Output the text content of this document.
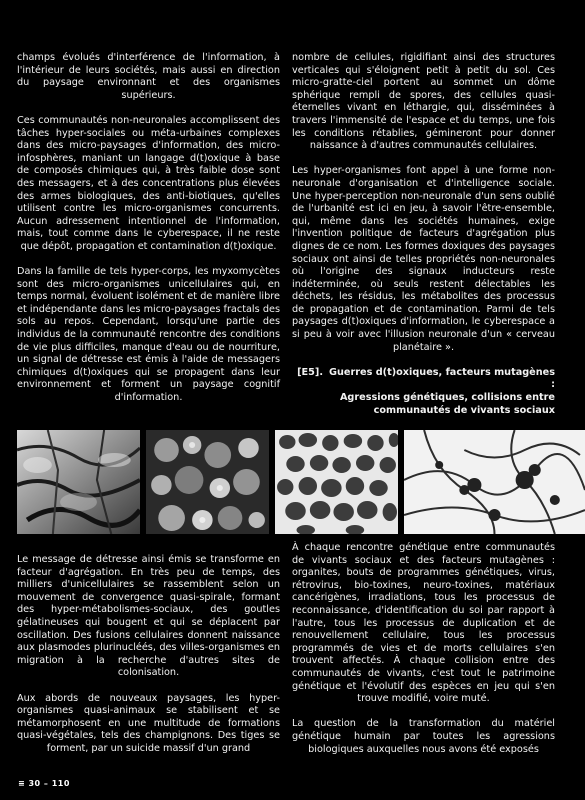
champs évolués d'interférence de l'information, à l'intérieur de leurs sociétés, mais aussi en direction du paysage environnant et des organismes supérieurs.

Ces communautés non-neuronales accomplissent des tâches hyper-sociales ou méta-urbaines complexes dans des micro-paysages d'information, des micro-infosphères, maniant un langage d(t)oxique à base de composés chimiques qui, à très faible dose sont des messagers, et à des concentrations plus élevées des armes biologiques, des anti-biotiques, qu'elles utilisent contre les micro-organismes concurrents. Aucun adressement intentionnel de l'information, mais, tout comme dans le cyberespace, il ne reste que dépôt, propagation et contamination d(t)oxique.

Dans la famille de tels hyper-corps, les myxomycètes sont des micro-organismes unicellulaires qui, en temps normal, évoluent isolément et de manière libre et indépendante dans les micro-paysages fractals des sols au repos. Cependant, lorsqu'une partie des individus de la communauté rencontre des conditions de vie plus difficiles, manque d'eau ou de nourriture, un signal de détresse est émis à l'aide de messagers chimiques d(t)oxiques qui se propagent dans leur environnement et forment un paysage cognitif d'information.

nombre de cellules, rigidifiant ainsi des structures verticales qui s'éloignent petit à petit du sol. Ces micro-gratte-ciel portent au sommet un dôme sphérique rempli de spores, des cellules quasi-éternelles vivant en léthargie, qui, disséminées à travers l'immensité de l'espace et du temps, une fois les conditions rétablies, gémineront pour donner naissance à d'autres communautés cellulaires.

Les hyper-organismes font appel à une forme non-neuronale d'organisation et d'intelligence sociale. Une hyper-perception non-neuronale d'un sens oublié de l'urbanité est ici en jeu, à savoir l'être-ensemble, qui, même dans les sociétés humaines, exige l'invention politique de facteurs d'agrégation plus dignes de ce nom. Les formes doxiques des paysages sociaux ont ainsi de telles propriétés non-neuronales où l'origine des signaux inducteurs reste indéterminée, où seuls restent délectables les déchets, les résidus, les métabolites des processus de propagation et de contamination. Parmi de tels paysages d(t)oxiques d'information, le cyberespace a si peu à voir avec l'illusion neuronale d'un « cerveau planétaire ».

[E5]. Guerres d(t)oxiques, facteurs mutagènes :
Agressions génétiques, collisions entre
communautés de vivants sociaux

Le message de détresse ainsi émis se transforme en facteur d'agrégation. En très peu de temps, des milliers d'unicellulaires se rassemblent selon un mouvement de convergence quasi-spirale, formant des hyper-métabolismes-sociaux, des goutles gélatineuses qui bougent et qui se déplacent par oscillation. Des fusions cellulaires donnent naissance aux plasmodes plurinucléés, des villes-organismes en migration à la recherche d'autres sites de colonisation.

Aux abords de nouveaux paysages, les hyper-organismes quasi-animaux se stabilisent et se métamorphosent en une multitude de formations quasi-végétales, tels des champignons. Des tiges se forment, par un suicide massif d'un grand

À chaque rencontre génétique entre communautés de vivants sociaux et des facteurs mutagènes : organites, bouts de programmes génétiques, virus, rétrovirus, bio-toxines, neuro-toxines, matériaux cancérigènes, irradiations, tous les processus de reconnaissance, d'identification du soi par rapport à l'autre, tous les processus de duplication et de renouvellement cellulaire, tous les processus programmés de vies et de morts cellulaires s'en trouvent affectés. À chaque collision entre des communautés de vivants, c'est tout le patrimoine génétique et l'évolutif des espèces en jeu qui s'en trouve modifié, voire muté.

La question de la transformation du matériel génétique humain par toutes les agressions biologiques auxquelles nous avons été exposés

≡ 30 – 110
